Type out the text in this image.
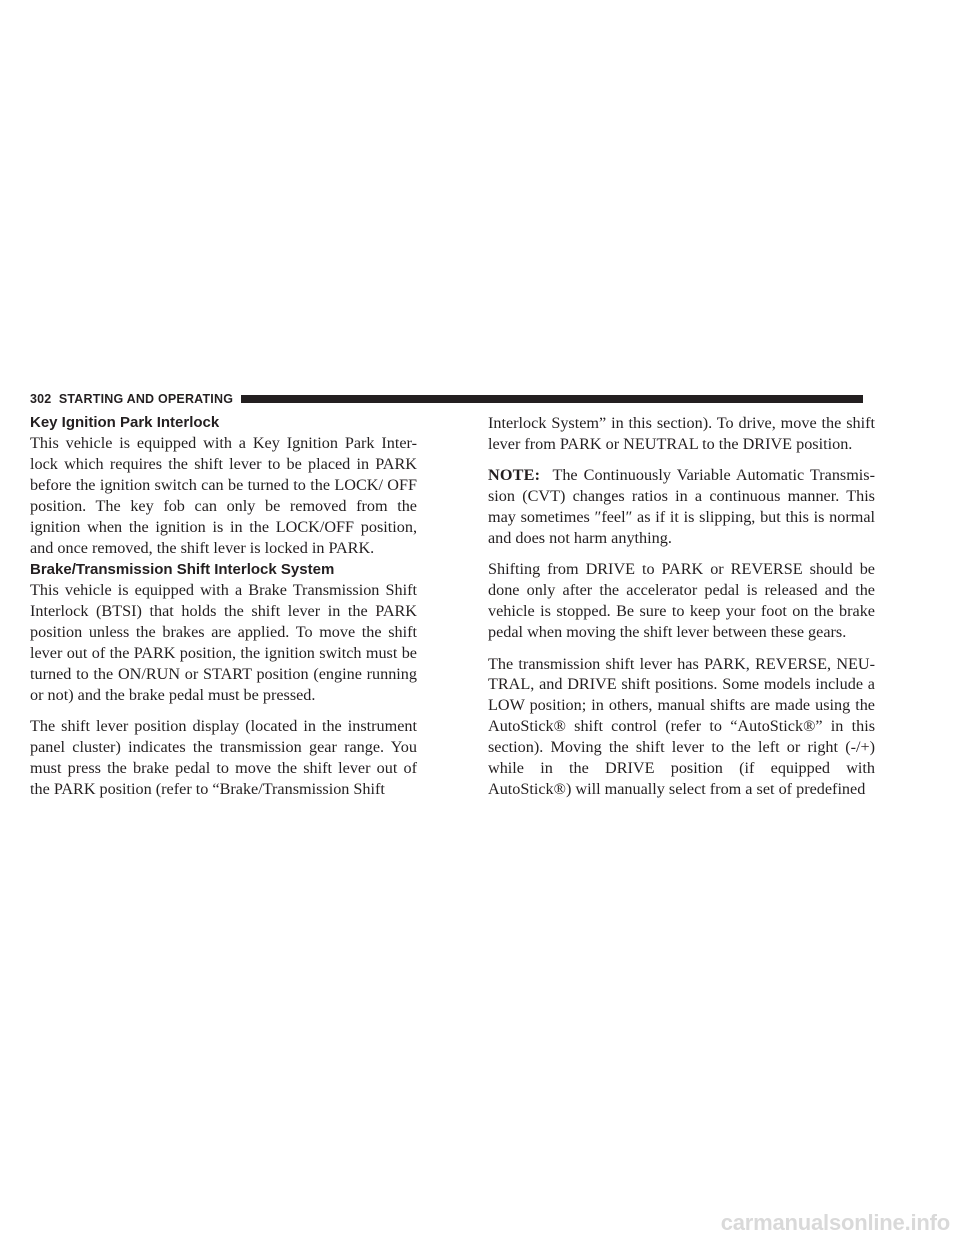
302 STARTING AND OPERATING
Key Ignition Park Interlock

This vehicle is equipped with a Key Ignition Park Inter-lock which requires the shift lever to be placed in PARK before the ignition switch can be turned to the LOCK/ OFF position. The key fob can only be removed from the ignition when the ignition is in the LOCK/OFF position, and once removed, the shift lever is locked in PARK.

Brake/Transmission Shift Interlock System

This vehicle is equipped with a Brake Transmission Shift Interlock (BTSI) that holds the shift lever in the PARK position unless the brakes are applied. To move the shift lever out of the PARK position, the ignition switch must be turned to the ON/RUN or START position (engine running or not) and the brake pedal must be pressed.

The shift lever position display (located in the instrument panel cluster) indicates the transmission gear range. You must press the brake pedal to move the shift lever out of the PARK position (refer to “Brake/Transmission Shift

Interlock System” in this section). To drive, move the shift lever from PARK or NEUTRAL to the DRIVE position.

NOTE: The Continuously Variable Automatic Transmis-sion (CVT) changes ratios in a continuous manner. This may sometimes ″feel″ as if it is slipping, but this is normal and does not harm anything.

Shifting from DRIVE to PARK or REVERSE should be done only after the accelerator pedal is released and the vehicle is stopped. Be sure to keep your foot on the brake pedal when moving the shift lever between these gears.

The transmission shift lever has PARK, REVERSE, NEU-TRAL, and DRIVE shift positions. Some models include a LOW position; in others, manual shifts are made using the AutoStick® shift control (refer to “AutoStick®” in this section). Moving the shift lever to the left or right (-/+) while in the DRIVE position (if equipped with AutoStick®) will manually select from a set of predefined

carmanualsonline.info
